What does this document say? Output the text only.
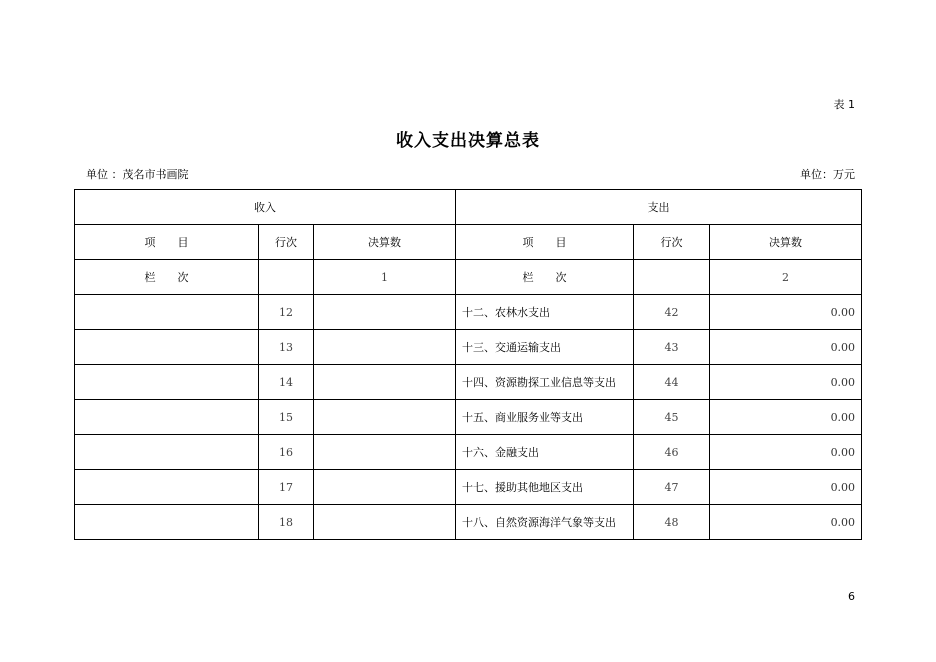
表 1
收入支出决算总表
单位 ：茂名市书画院	单位：万元
收入			支出		
项　　目	行次	决算数	项　　目	行次	决算数
栏　　次		1	栏　　次		2
	12		十二、农林水支出	42	0.00
	13		十三、交通运输支出	43	0.00
	14		十四、资源勘探工业信息等支出	44	0.00
	15		十五、商业服务业等支出	45	0.00
	16		十六、金融支出	46	0.00
	17		十七、援助其他地区支出	47	0.00
	18		十八、自然资源海洋气象等支出	48	0.00
6
